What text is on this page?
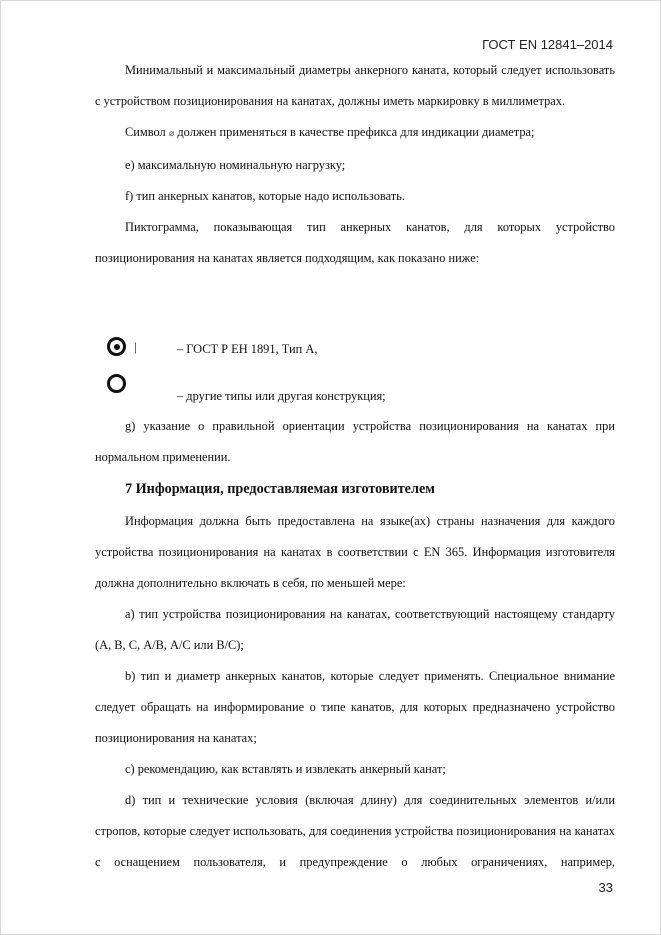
ГОСТ EN 12841–2014

Минимальный и максимальный диаметры анкерного каната, который следует использовать с устройством позиционирования на канатах, должны иметь маркировку в миллиметрах.

Символ ⌀ должен применяться в качестве префикса для индикации диаметра;

e) максимальную номинальную нагрузку;

f) тип анкерных канатов, которые надо использовать.

Пиктограмма, показывающая тип анкерных канатов, для которых устройство позиционирования на канатах является подходящим, как показано ниже:

|	– ГОСТ Р ЕН 1891, Тип А,
– другие типы или другая конструкция;

g) указание о правильной ориентации устройства позиционирования на канатах при нормальном применении.

7 Информация, предоставляемая изготовителем

Информация должна быть предоставлена на языке(ах) страны назначения для каждого устройства позиционирования на канатах в соответствии с EN 365. Информация изготовителя должна дополнительно включать в себя, по меньшей мере:

а) тип устройства позиционирования на канатах, соответствующий настоящему стандарту (А, В, С, А/В, А/С или В/С);

b) тип и диаметр анкерных канатов, которые следует применять. Специальное внимание следует обращать на информирование о типе канатов, для которых предназначено устройство позиционирования на канатах;

с) рекомендацию, как вставлять и извлекать анкерный канат;

d) тип и технические условия (включая длину) для соединительных элементов и/или стропов, которые следует использовать, для соединения устройства позиционирования на канатах с оснащением пользователя, и предупреждение о любых ограничениях, например,

33
